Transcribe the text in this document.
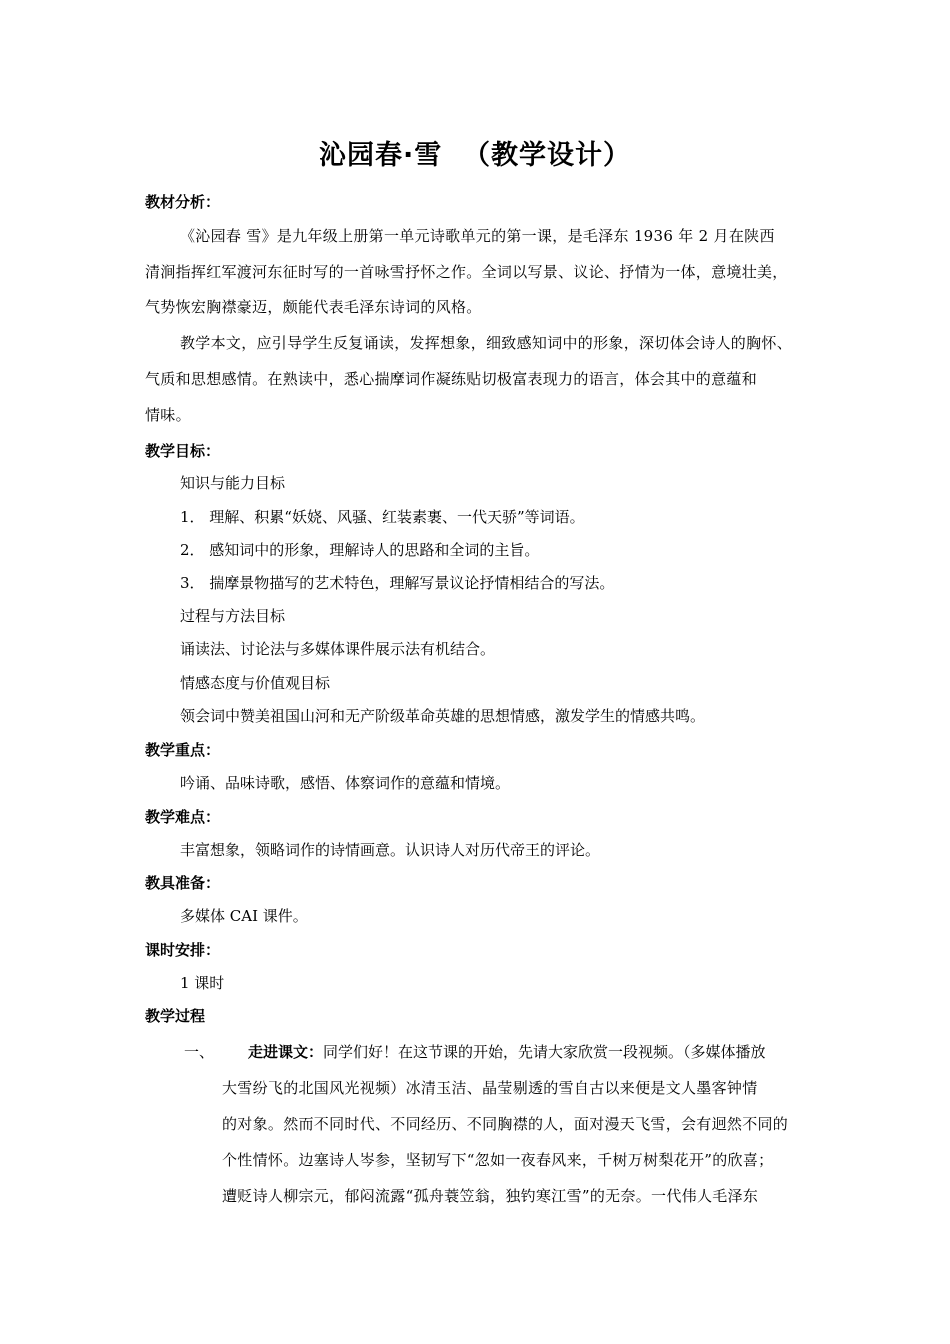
沁园春·雪  （教学设计）
教材分析：
《沁园春 雪》是九年级上册第一单元诗歌单元的第一课，是毛泽东 1936 年 2 月在陕西
清涧指挥红军渡河东征时写的一首咏雪抒怀之作。全词以写景、议论、抒情为一体，意境壮美，
气势恢宏胸襟豪迈，颇能代表毛泽东诗词的风格。
教学本文，应引导学生反复诵读，发挥想象，细致感知词中的形象，深切体会诗人的胸怀、
气质和思想感情。在熟读中，悉心揣摩词作凝练贴切极富表现力的语言，体会其中的意蕴和
情味。
教学目标：
知识与能力目标
1． 理解、积累“妖娆、风骚、红装素裹、一代天骄”等词语。
2． 感知词中的形象，理解诗人的思路和全词的主旨。
3． 揣摩景物描写的艺术特色，理解写景议论抒情相结合的写法。
过程与方法目标
诵读法、讨论法与多媒体课件展示法有机结合。
情感态度与价值观目标
领会词中赞美祖国山河和无产阶级革命英雄的思想情感，激发学生的情感共鸣。
教学重点：
吟诵、品味诗歌，感悟、体察词作的意蕴和情境。
教学难点：
丰富想象，领略词作的诗情画意。认识诗人对历代帝王的评论。
教具准备：
多媒体 CAI 课件。
课时安排：
1 课时
教学过程
一、 走进课文：同学们好！在这节课的开始，先请大家欣赏一段视频。（多媒体播放
大雪纷飞的北国风光视频）冰清玉洁、晶莹剔透的雪自古以来便是文人墨客钟情
的对象。然而不同时代、不同经历、不同胸襟的人，面对漫天飞雪，会有迥然不同的
个性情怀。边塞诗人岑参，坚韧写下“忽如一夜春风来，千树万树梨花开”的欣喜；
遭贬诗人柳宗元，郁闷流露“孤舟蓑笠翁，独钓寒江雪”的无奈。一代伟人毛泽东
